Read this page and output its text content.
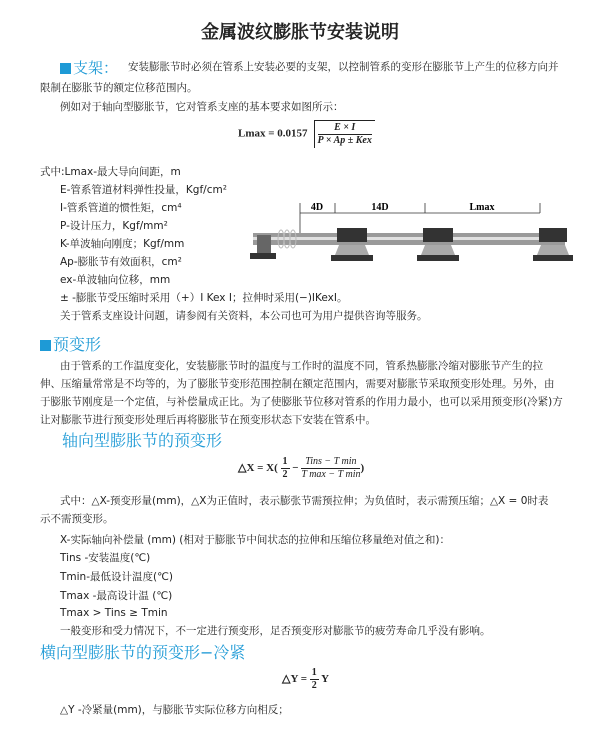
金属波纹膨胀节安装说明
支架： 安装膨胀节时必须在管系上安装必要的支架，以控制管系的变形在膨胀节上产生的位移方向并
限制在膨胀节的额定位移范围内。
例如对于轴向型膨胀节，它对管系支座的基本要求如图所示：
$Lmax = 0.0157 \frac{E \times I}{\text{P × Ap ± Kex}}$
式中:Lmax-最大导向间距，m
E-管系管道材料弹性投量，Kgf/cm²
I-管系管道的惯性矩，cm⁴
P-设计压力，Kgf/mm²
K-单波轴向刚度；Kgf/mm
Ap-膨胀节有效面积，cm²
ex-单波轴向位移，mm
± -膨胀节受压缩时采用（+）I Kex I；拉伸时采用(−)IKexI。
关于管系支座设计问题，请参阅有关资料，本公司也可为用户提供咨询等服务。
4D	14D	Lmax
预变形
由于管系的工作温度变化，安装膨胀节时的温度与工作时的温度不同，管系热膨胀冷缩对膨胀节产生的拉
伸、压缩量常常是不均等的，为了膨胀节变形范围控制在额定范围内，需要对膨胀节采取预变形处理。另外，由
于膨胀节刚度是一个定值，与补偿量成正比。为了使膨胀节位移对管系的作用力最小，也可以采用预变形(冷紧)方
让对膨胀节进行预变形处理后再将膨胀节在预变形状态下安装在管系中。
轴向型膨胀节的预变形
△X = $X( \frac{1}{2} - \frac{\text{Tins − T min}}{\text{T max − T min}}$ )
式中：△X-预变形量(mm)，△X为正值时，表示膨张节需预拉伸；为负值时，表示需预压缩；△X = 0时表
示不需预变形。
X-实际轴向补偿量 (mm) (相对于膨胀节中间状态的拉伸和压缩位移量绝对值之和)：
Tins -安装温度(℃)
Tmin-最低设计温度(℃)
Tmax -最高设计温 (℃)
Tmax > Tins ≥ Tmin
一般变形和受力情况下，不一定进行预变形，足否预变形对膨胀节的疲劳寿命几乎没有影响。
横向型膨胀节的预变形−冷紧
△Y = $\frac{1}{2}$ Y
△Y -冷紧量(mm)，与膨胀节实际位移方向相反；
